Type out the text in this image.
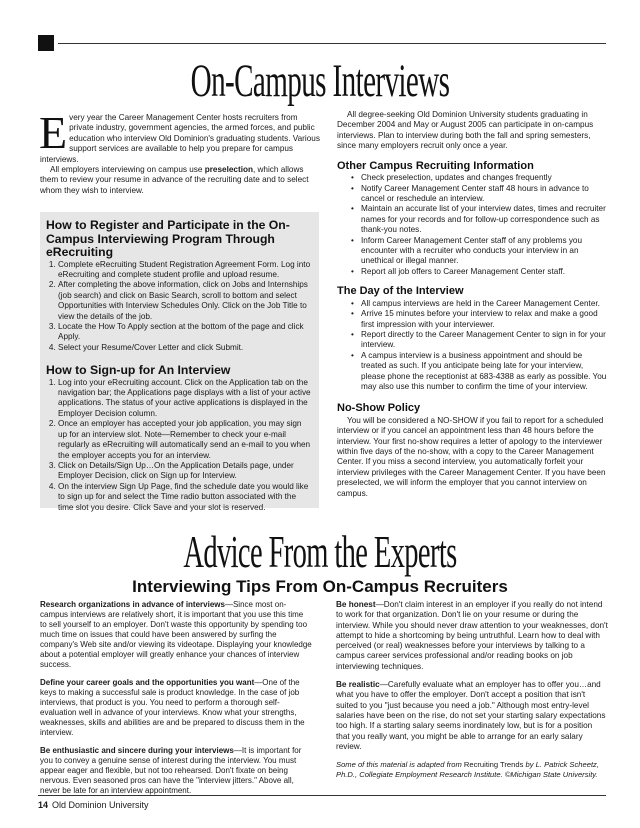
On-Campus Interviews

Every year the Career Management Center hosts recruiters from private industry, government agencies, the armed forces, and public education who interview Old Dominion's graduating students. Various support services are available to help you prepare for campus interviews.

All employers interviewing on campus use preselection, which allows them to review your resume in advance of the recruiting date and to select whom they wish to interview.

How to Register and Participate in the On-Campus Interviewing Program Through eRecruiting
1. Complete eRecruiting Student Registration Agreement Form. Log into eRecruiting and complete student profile and upload resume.
2. After completing the above information, click on Jobs and Internships (job search) and click on Basic Search, scroll to bottom and select Opportunities with Interview Schedules Only. Click on the Job Title to view the details of the job.
3. Locate the How To Apply section at the bottom of the page and click Apply.
4. Select your Resume/Cover Letter and click Submit.
How to Sign-up for An Interview
1. Log into your eRecruiting account. Click on the Application tab on the navigation bar; the Applications page displays with a list of your active applications. The status of your active applications is displayed in the Employer Decision column.
2. Once an employer has accepted your job application, you may sign up for an interview slot. Note—Remember to check your e-mail regularly as eRecruiting will automatically send an e-mail to you when the employer accepts you for an interview.
3. Click on Details/Sign Up…On the Application Details page, under Employer Decision, click on Sign up for Interview.
4. On the interview Sign Up Page, find the schedule date you would like to sign up for and select the Time radio button associated with the time slot you desire. Click Save and your slot is reserved.

All degree-seeking Old Dominion University students graduating in December 2004 and May or August 2005 can participate in on-campus interviews. Plan to interview during both the fall and spring semesters, since many employers recruit only once a year.

Other Campus Recruiting Information
• Check preselection, updates and changes frequently
• Notify Career Management Center staff 48 hours in advance to cancel or reschedule an interview.
• Maintain an accurate list of your interview dates, times and recruiter names for your records and for follow-up correspondence such as thank-you notes.
• Inform Career Management Center staff of any problems you encounter with a recruiter who conducts your interview in an unethical or illegal manner.
• Report all job offers to Career Management Center staff.
The Day of the Interview
• All campus interviews are held in the Career Management Center.
• Arrive 15 minutes before your interview to relax and make a good first impression with your interviewer.
• Report directly to the Career Management Center to sign in for your interview.
• A campus interview is a business appointment and should be treated as such. If you anticipate being late for your interview, please phone the receptionist at 683-4388 as early as possible. You may also use this number to confirm the time of your interview.
No-Show Policy

You will be considered a NO-SHOW if you fail to report for a scheduled interview or if you cancel an appointment less than 48 hours before the interview. Your first no-show requires a letter of apology to the interviewer within five days of the no-show, with a copy to the Career Management Center. If you miss a second interview, you automatically forfeit your interview privileges with the Career Management Center. If you have been preselected, we will inform the employer that you cannot interview on campus.

Advice From the Experts
Interviewing Tips From On-Campus Recruiters

Research organizations in advance of interviews—Since most on-campus interviews are relatively short, it is important that you use this time to sell yourself to an employer. Don't waste this opportunity by spending too much time on issues that could have been answered by surfing the company's Web site and/or viewing its videotape. Displaying your knowledge about a potential employer will greatly enhance your chances of interview success.

Define your career goals and the opportunities you want—One of the keys to making a successful sale is product knowledge. In the case of job interviews, that product is you. You need to perform a thorough self-evaluation well in advance of your interviews. Know what your strengths, weaknesses, skills and abilities are and be prepared to discuss them in the interview.

Be enthusiastic and sincere during your interviews—It is important for you to convey a genuine sense of interest during the interview. You must appear eager and flexible, but not too rehearsed. Don't fixate on being nervous. Even seasoned pros can have the "interview jitters." Above all, never be late for an interview appointment.

Be honest—Don't claim interest in an employer if you really do not intend to work for that organization. Don't lie on your resume or during the interview. While you should never draw attention to your weaknesses, don't attempt to hide a shortcoming by being untruthful. Learn how to deal with perceived (or real) weaknesses before your interviews by talking to a campus career services professional and/or reading books on job interviewing techniques.

Be realistic—Carefully evaluate what an employer has to offer you…and what you have to offer the employer. Don't accept a position that isn't suited to you "just because you need a job." Although most entry-level salaries have been on the rise, do not set your starting salary expectations too high. If a starting salary seems inordinately low, but is for a position that you really want, you might be able to arrange for an early salary review.

Some of this material is adapted from Recruiting Trends by L. Patrick Scheetz, Ph.D., Collegiate Employment Research Institute. ©Michigan State University.

14 Old Dominion University
